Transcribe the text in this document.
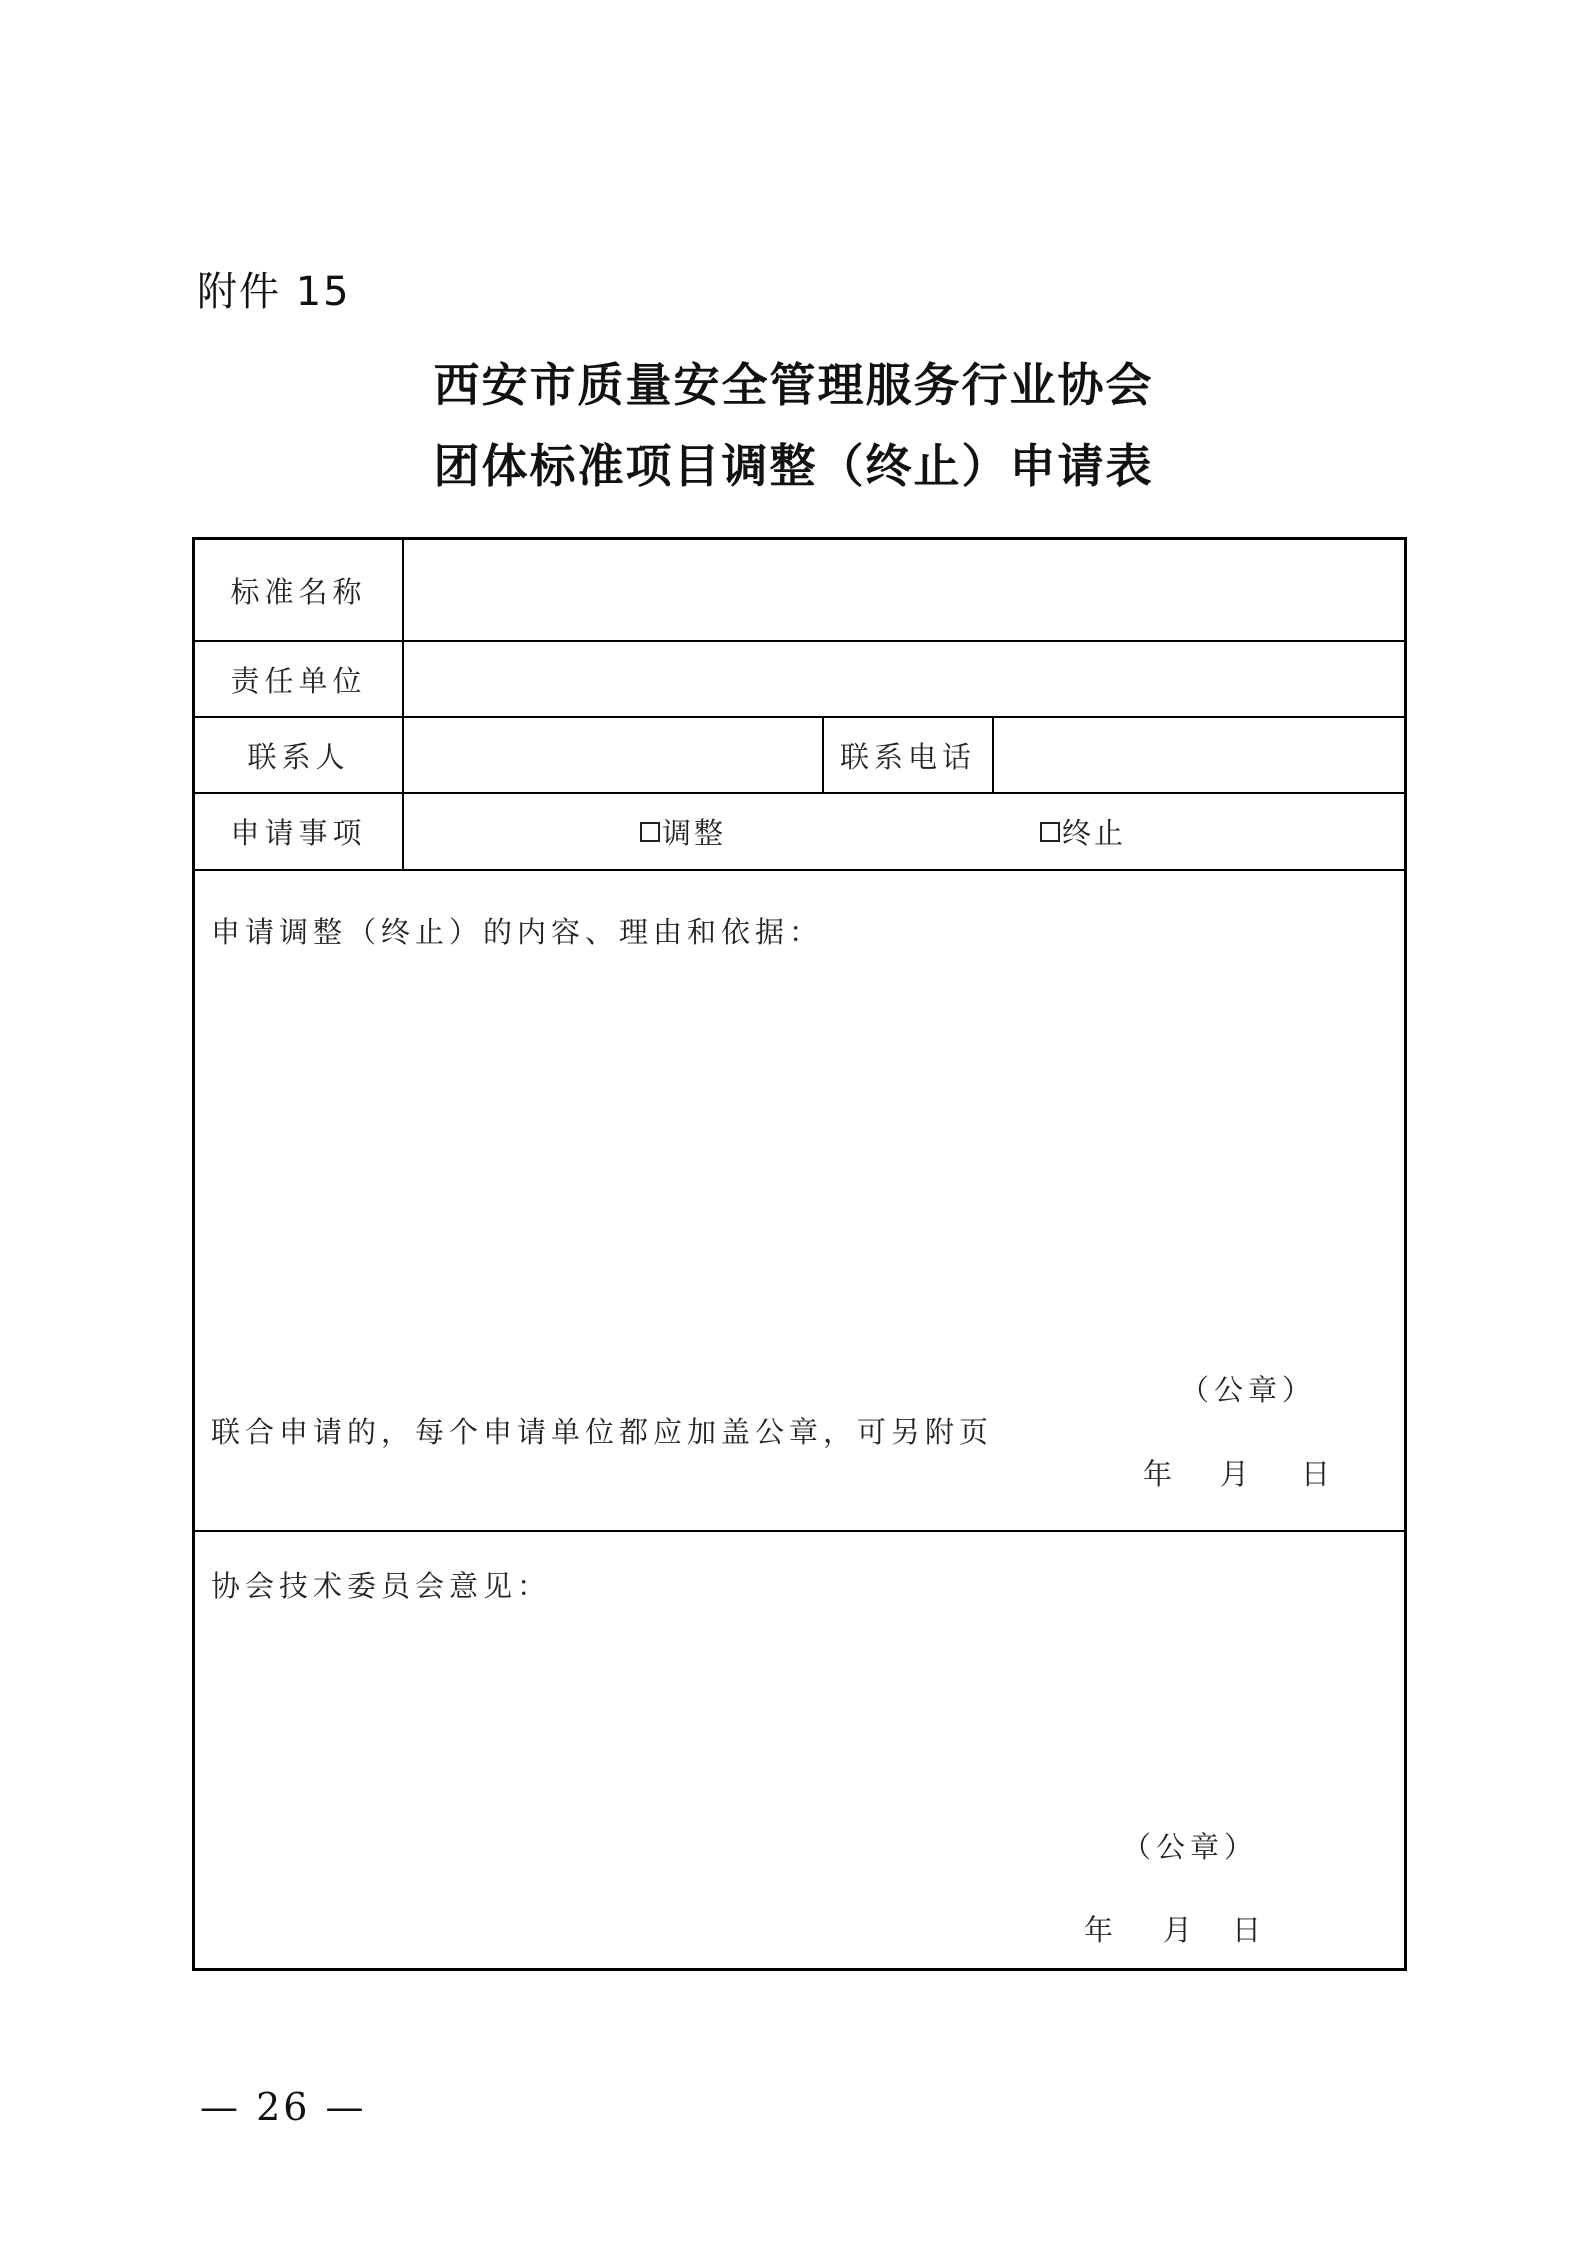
附件 15
西安市质量安全管理服务行业协会
团体标准项目调整（终止）申请表
标准名称
责任单位
联系人	联系电话
申请事项	调整	终止
申请调整（终止）的内容、理由和依据：
（公章）
联合申请的，每个申请单位都应加盖公章，可另附页
年 月 日
协会技术委员会意见：
（公章）
年 月 日
— 26 —
